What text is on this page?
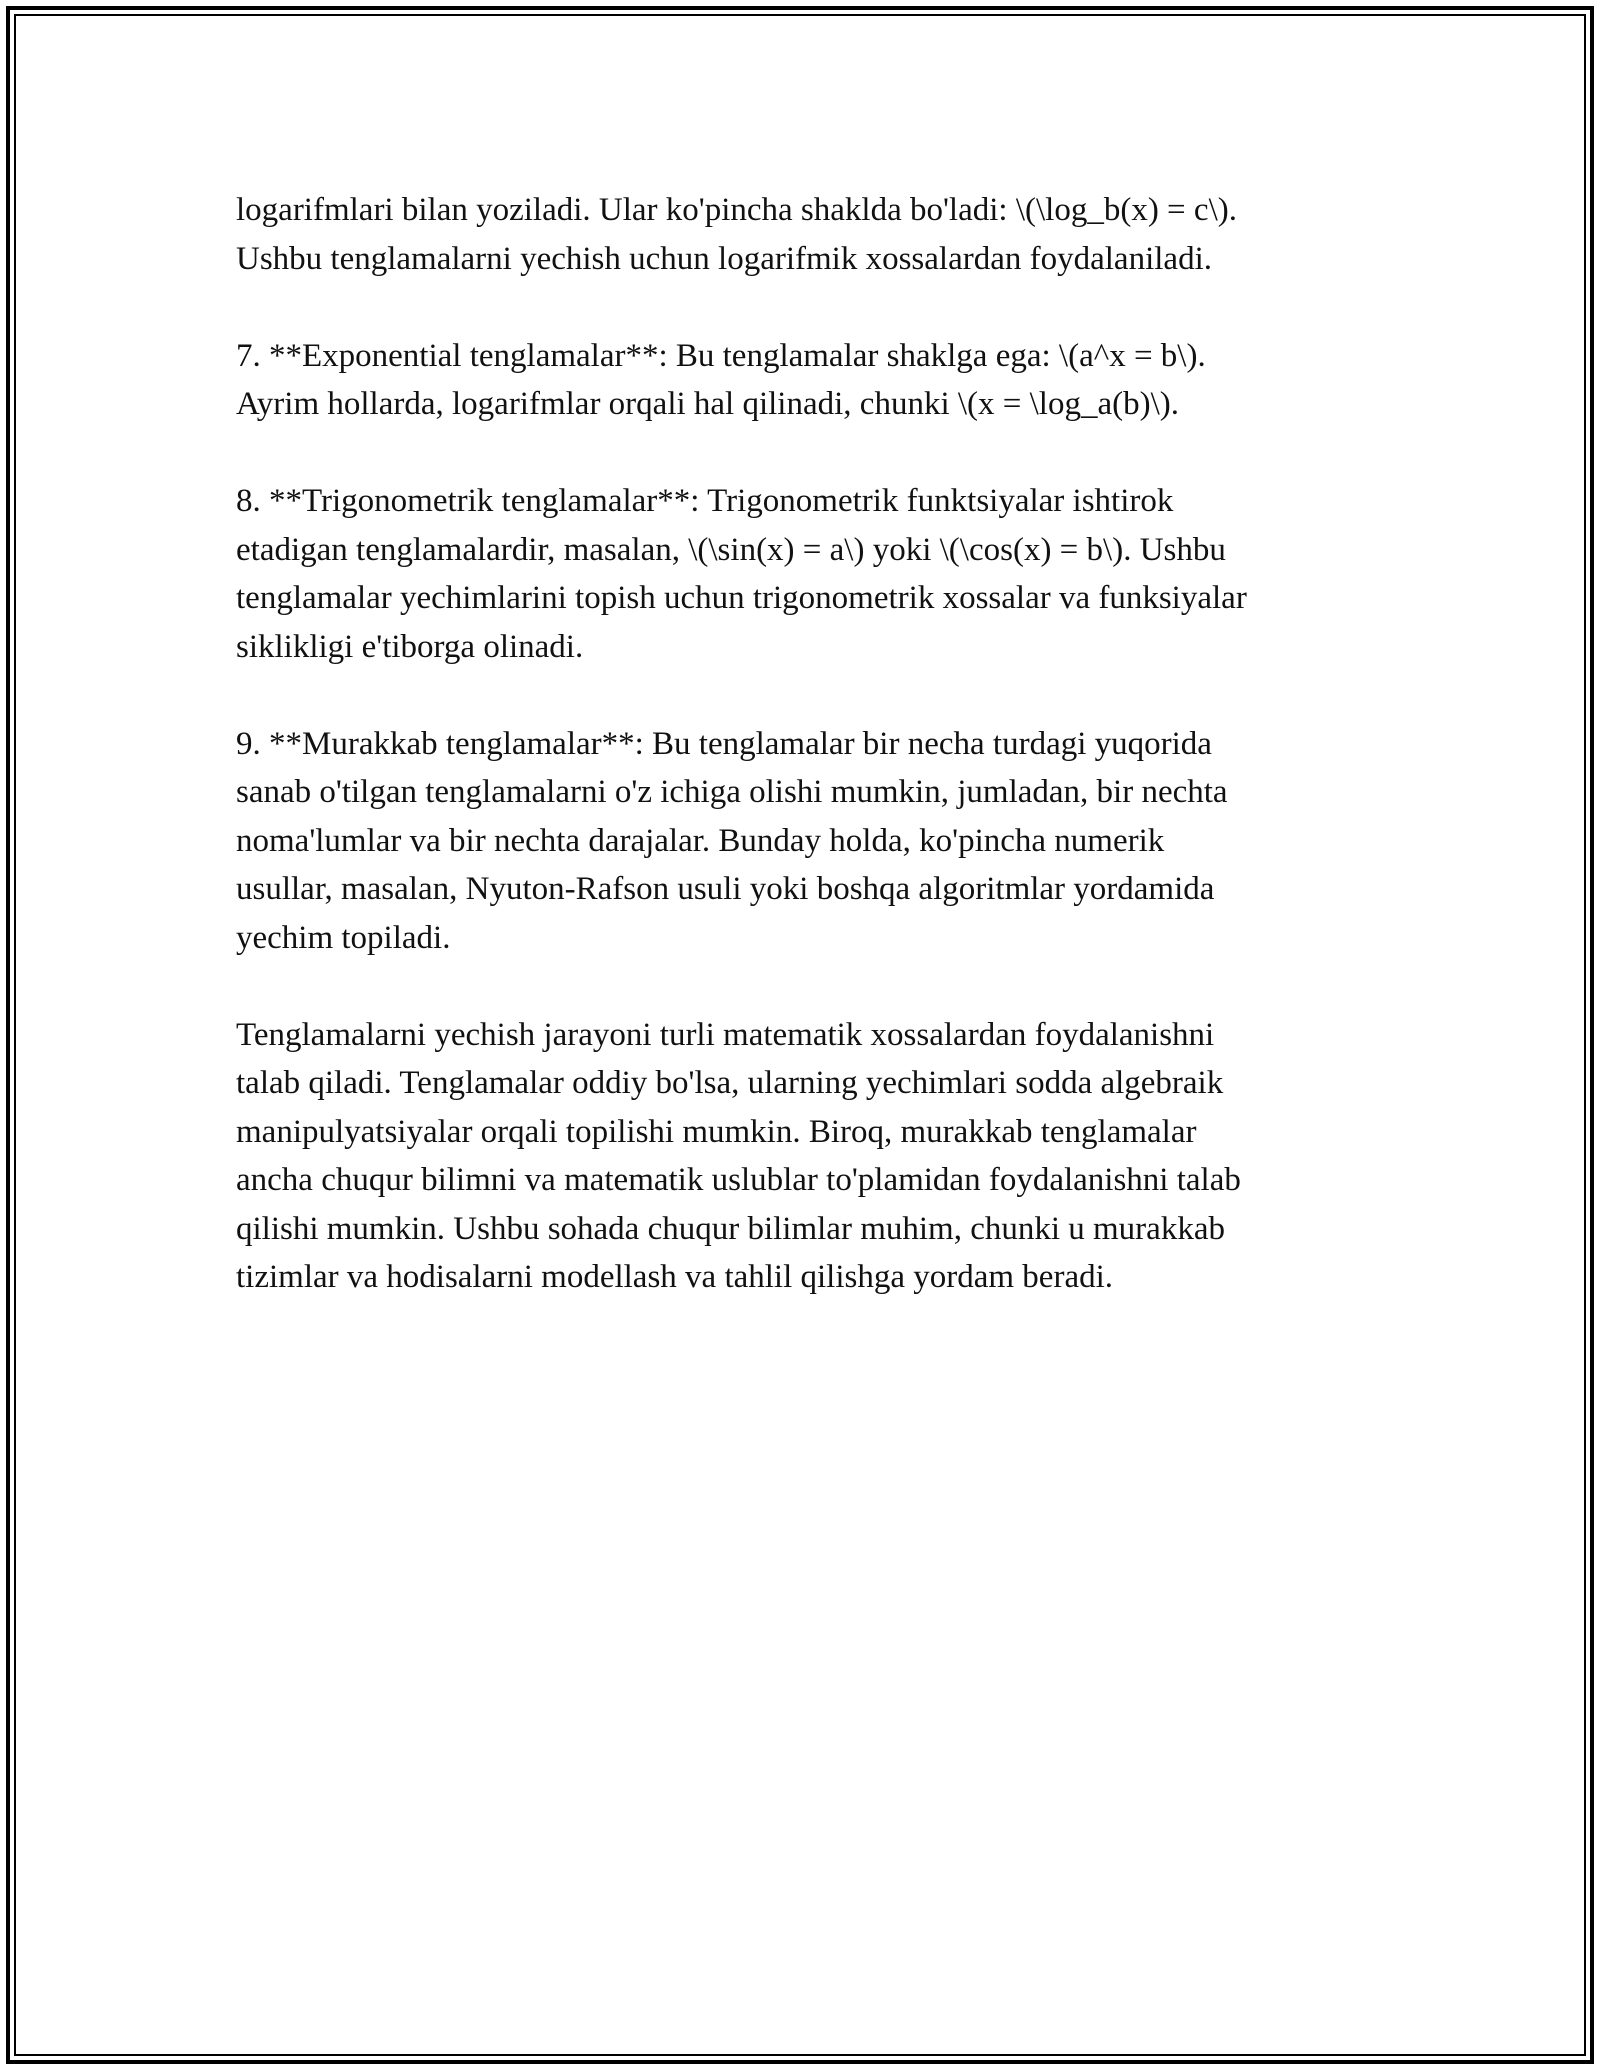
logarifmlari bilan yoziladi. Ular ko'pincha shaklda bo'ladi: \(\log_b(x) = c\).
Ushbu tenglamalarni yechish uchun logarifmik xossalardan foydalaniladi.

7. **Exponential tenglamalar**: Bu tenglamalar shaklga ega: \(a^x = b\).
Ayrim hollarda, logarifmlar orqali hal qilinadi, chunki \(x = \log_a(b)\).

8. **Trigonometrik tenglamalar**: Trigonometrik funktsiyalar ishtirok
etadigan tenglamalardir, masalan, \(\sin(x) = a\) yoki \(\cos(x) = b\). Ushbu
tenglamalar yechimlarini topish uchun trigonometrik xossalar va funksiyalar
siklikligi e'tiborga olinadi.

9. **Murakkab tenglamalar**: Bu tenglamalar bir necha turdagi yuqorida
sanab o'tilgan tenglamalarni o'z ichiga olishi mumkin, jumladan, bir nechta
noma'lumlar va bir nechta darajalar. Bunday holda, ko'pincha numerik
usullar, masalan, Nyuton-Rafson usuli yoki boshqa algoritmlar yordamida
yechim topiladi.

Tenglamalarni yechish jarayoni turli matematik xossalardan foydalanishni
talab qiladi. Tenglamalar oddiy bo'lsa, ularning yechimlari sodda algebraik
manipulyatsiyalar orqali topilishi mumkin. Biroq, murakkab tenglamalar
ancha chuqur bilimni va matematik uslublar to'plamidan foydalanishni talab
qilishi mumkin. Ushbu sohada chuqur bilimlar muhim, chunki u murakkab
tizimlar va hodisalarni modellash va tahlil qilishga yordam beradi.
